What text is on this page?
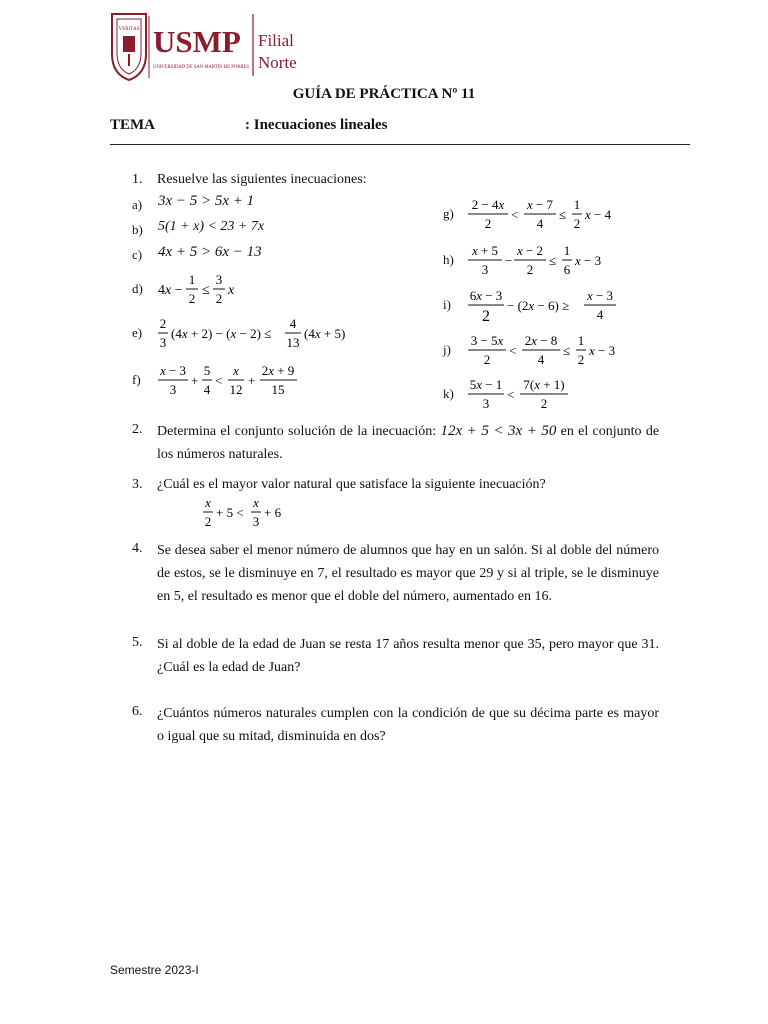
VERITAS USMP
UNIVERSIDAD DE SAN MARTÍN DE PORRES
Filial
Norte
GUÍA DE PRÁCTICA Nº 11
TEMA	: Inecuaciones lineales
1. Resuelve las siguientes inecuaciones:
a)
b)
c)
d)
e)
f)
g)
h)
i)
j)
k)
3x − 5 > 5x + 1
5(1 + x) < 23 + 7x
4x + 5 > 6x − 13
4x −
1
2
≤
3
2
x
2
3
(4x + 2) − (x − 2) ≤
4
13
(4x + 5)
x − 3
3
+
5
4
<
x
12
+
2x + 9
15
2 − 4x
2
<
x − 7
4
≤
1
2
x − 4
x + 5
3
−
x − 2
2
≤
1
6
x − 3
6x − 3
2
− (2x − 6) ≥
x − 3
4
3 − 5x
2
<
2x − 8
4
≤
1
2
x − 3
5x − 1
3
<
7(x + 1)
2
2. Determina el conjunto solución de la inecuación: 12x + 5 < 3x + 50 en el conjunto de los números naturales.
3. ¿Cuál es el mayor valor natural que satisface la siguiente inecuación?
x
2
+ 5 <
x
3
+ 6
4. Se desea saber el menor número de alumnos que hay en un salón. Si al doble del número de estos, se le disminuye en 7, el resultado es mayor que 29 y si al triple, se le disminuye en 5, el resultado es menor que el doble del número, aumentado en 16.
5. Si al doble de la edad de Juan se resta 17 años resulta menor que 35, pero mayor que 31. ¿Cuál es la edad de Juan?
6. ¿Cuántos números naturales cumplen con la condición de que su décima parte es mayor o igual que su mitad, disminuida en dos?
Semestre 2023-I
